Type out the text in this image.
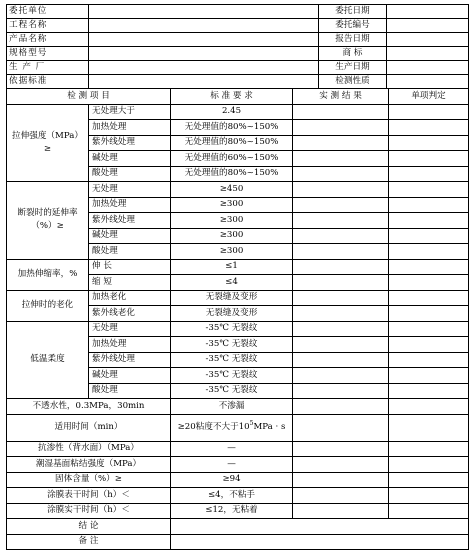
委托单位		委托日期	
工程名称		委托编号	
产品名称		报告日期	
规格型号		商 标	
生 产 厂		生产日期	
依据标准		检测性质	
检 测 项 目		标 准 要 求	实 测 结 果	单项判定
拉伸强度（MPa）≥	无处理大于	2.45		
	加热处理	无处理值的80%~150%		
	紫外线处理	无处理值的80%~150%		
	碱处理	无处理值的60%~150%		
	酸处理	无处理值的80%~150%		
断裂时的延伸率（%）≥	无处理	≥450		
	加热处理	≥300		
	紫外线处理	≥300		
	碱处理	≥300		
	酸处理	≥300		
加热伸缩率，%	伸 长	≤1		
	缩 短	≤4		
拉伸时的老化	加热老化	无裂缝及变形		
	紫外线老化	无裂缝及变形		
低温柔度	无处理	-35℃ 无裂纹		
	加热处理	-35℃ 无裂纹		
	紫外线处理	-35℃ 无裂纹		
	碱处理	-35℃ 无裂纹		
	酸处理	-35℃ 无裂纹		
不透水性，0.3MPa，30min		不渗漏		
适用时间（min）		≥20粘度不大于$10^5MPa \cdot s$		
抗渗性（背水面）（MPa）		—		
潮湿基面粘结强度（MPa）		—		
固体含量（%）≥		≥94		
涂膜表干时间（h）＜		≤4，不粘手		
涂膜实干时间（h）＜		≤12，无粘着		
结 论				
备 注				
